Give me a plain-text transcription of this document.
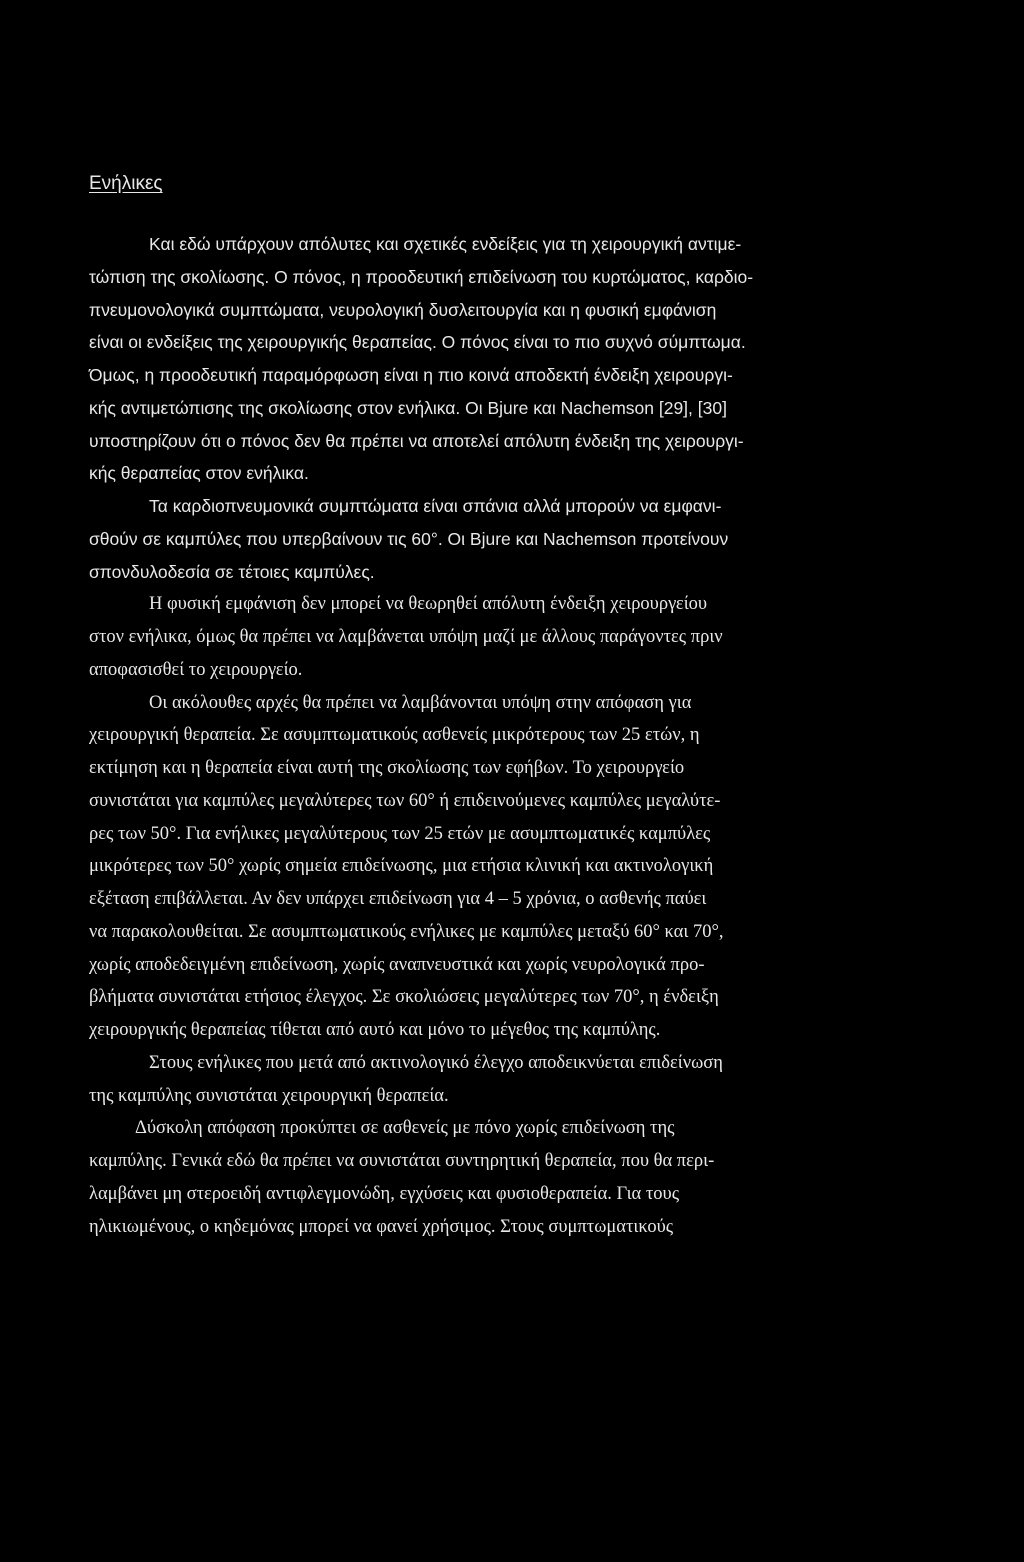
Ενήλικες
Και εδώ υπάρχουν απόλυτες και σχετικές ενδείξεις για τη χειρουργική αντιμε-
τώπιση της σκολίωσης. Ο πόνος, η προοδευτική επιδείνωση του κυρτώματος, καρδιο-
πνευμονολογικά συμπτώματα, νευρολογική δυσλειτουργία και η φυσική εμφάνιση
είναι οι ενδείξεις της χειρουργικής θεραπείας. Ο πόνος είναι το πιο συχνό σύμπτωμα.
Όμως, η προοδευτική παραμόρφωση είναι η πιο κοινά αποδεκτή ένδειξη χειρουργι-
κής αντιμετώπισης της σκολίωσης στον ενήλικα. Οι Bjure και Nachemson [29], [30]
υποστηρίζουν ότι ο πόνος δεν θα πρέπει να αποτελεί απόλυτη ένδειξη της χειρουργι-
κής θεραπείας στον ενήλικα.
Τα καρδιοπνευμονικά συμπτώματα είναι σπάνια αλλά μπορούν να εμφανι-
σθούν σε καμπύλες που υπερβαίνουν τις 60°. Οι Bjure και Nachemson προτείνουν
σπονδυλοδεσία σε τέτοιες καμπύλες.
Η φυσική εμφάνιση δεν μπορεί να θεωρηθεί απόλυτη ένδειξη χειρουργείου
στον ενήλικα, όμως θα πρέπει να λαμβάνεται υπόψη μαζί με άλλους παράγοντες πριν
αποφασισθεί το χειρουργείο.
Οι ακόλουθες αρχές θα πρέπει να λαμβάνονται υπόψη στην απόφαση για
χειρουργική θεραπεία. Σε ασυμπτωματικούς ασθενείς μικρότερους των 25 ετών, η
εκτίμηση και η θεραπεία είναι αυτή της σκολίωσης των εφήβων. Το χειρουργείο
συνιστάται για καμπύλες μεγαλύτερες των 60° ή επιδεινούμενες καμπύλες μεγαλύτε-
ρες των 50°. Για ενήλικες μεγαλύτερους των 25 ετών με ασυμπτωματικές καμπύλες
μικρότερες των 50° χωρίς σημεία επιδείνωσης, μια ετήσια κλινική και ακτινολογική
εξέταση επιβάλλεται. Αν δεν υπάρχει επιδείνωση για 4 – 5 χρόνια, ο ασθενής παύει
να παρακολουθείται. Σε ασυμπτωματικούς ενήλικες με καμπύλες μεταξύ 60° και 70°,
χωρίς αποδεδειγμένη επιδείνωση, χωρίς αναπνευστικά και χωρίς νευρολογικά προ-
βλήματα συνιστάται ετήσιος έλεγχος. Σε σκολιώσεις μεγαλύτερες των 70°, η ένδειξη
χειρουργικής θεραπείας τίθεται από αυτό και μόνο το μέγεθος της καμπύλης.
Στους ενήλικες που μετά από ακτινολογικό έλεγχο αποδεικνύεται επιδείνωση
της καμπύλης συνιστάται χειρουργική θεραπεία.
Δύσκολη απόφαση προκύπτει σε ασθενείς με πόνο χωρίς επιδείνωση της
καμπύλης. Γενικά εδώ θα πρέπει να συνιστάται συντηρητική θεραπεία, που θα περι-
λαμβάνει μη στεροειδή αντιφλεγμονώδη, εγχύσεις και φυσιοθεραπεία. Για τους
ηλικιωμένους, ο κηδεμόνας μπορεί να φανεί χρήσιμος. Στους συμπτωματικούς
